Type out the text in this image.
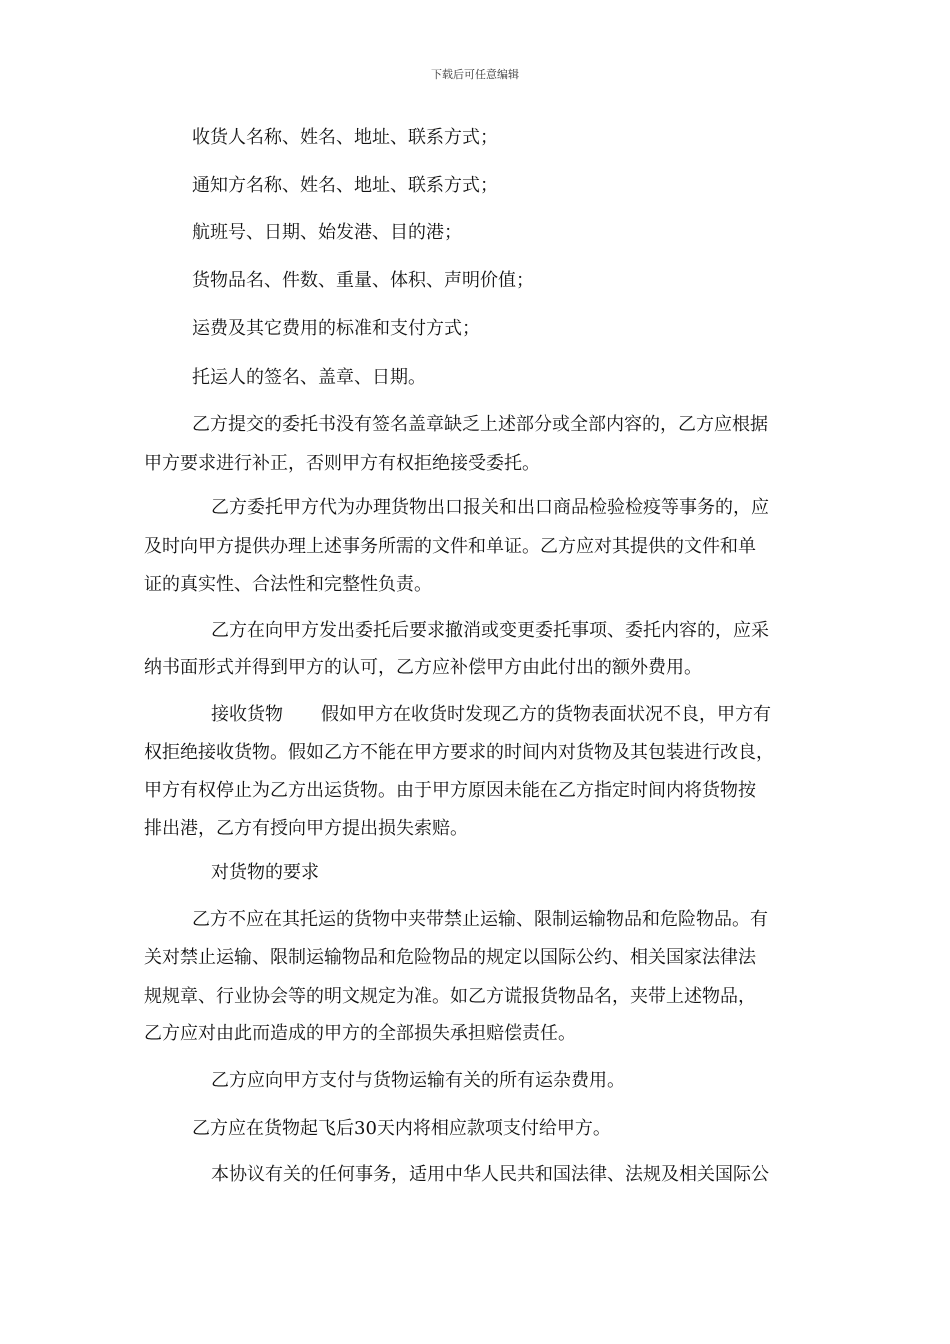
下载后可任意编辑
收货人名称、姓名、地址、联系方式；
通知方名称、姓名、地址、联系方式；
航班号、日期、始发港、目的港；
货物品名、件数、重量、体积、声明价值；
运费及其它费用的标准和支付方式；
托运人的签名、盖章、日期。
乙方提交的委托书没有签名盖章缺乏上述部分或全部内容的，乙方应根据
甲方要求进行补正，否则甲方有权拒绝接受委托。
乙方委托甲方代为办理货物出口报关和出口商品检验检疫等事务的，应
及时向甲方提供办理上述事务所需的文件和单证。乙方应对其提供的文件和单
证的真实性、合法性和完整性负责。
乙方在向甲方发出委托后要求撤消或变更委托事项、委托内容的，应采
纳书面形式并得到甲方的认可，乙方应补偿甲方由此付出的额外费用。
接收货物 假如甲方在收货时发现乙方的货物表面状况不良，甲方有
权拒绝接收货物。假如乙方不能在甲方要求的时间内对货物及其包装进行改良，
甲方有权停止为乙方出运货物。由于甲方原因未能在乙方指定时间内将货物按
排出港，乙方有授向甲方提出损失索赔。
对货物的要求
乙方不应在其托运的货物中夹带禁止运输、限制运输物品和危险物品。有
关对禁止运输、限制运输物品和危险物品的规定以国际公约、相关国家法律法
规规章、行业协会等的明文规定为准。如乙方谎报货物品名，夹带上述物品，
乙方应对由此而造成的甲方的全部损失承担赔偿责任。
乙方应向甲方支付与货物运输有关的所有运杂费用。
乙方应在货物起飞后30天内将相应款项支付给甲方。
本协议有关的任何事务，适用中华人民共和国法律、法规及相关国际公
